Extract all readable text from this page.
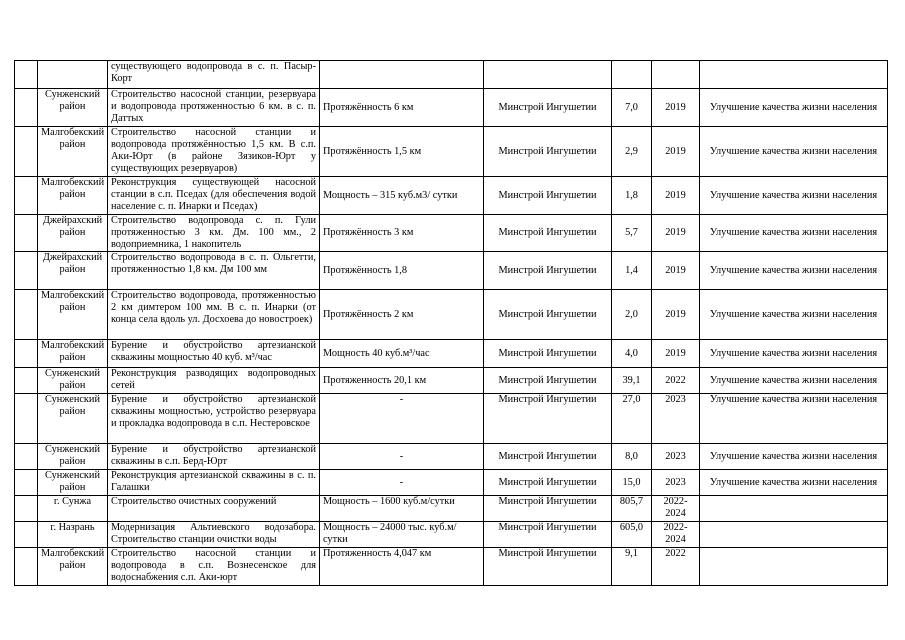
		существующего водопровода в с. п. Пасыр-Корт					
	Сунженский район	Строительство насосной станции, резервуара и водопровода протяженностью 6 км. в с. п. Даттых	Протяжённость 6 км	Минстрой Ингушетии	7,0	2019	Улучшение качества жизни населения
	Малгобекский район	Строительство насосной станции и водопровода протяжённостью 1,5 км. В с.п. Аки-Юрт (в районе Зязиков-Юрт у существующих резервуаров)	Протяжённость 1,5 км	Минстрой Ингушетии	2,9	2019	Улучшение качества жизни населения
	Малгобекский район	Реконструкция существующей насосной станции в с.п. Пседах (для обеспечения водой население с. п. Инарки и Пседах)	Мощность – 315 куб.м3/ сутки	Минстрой Ингушетии	1,8	2019	Улучшение качества жизни населения
	Джейрахский район	Строительство водопровода с. п. Гули протяженностью 3 км. Дм. 100 мм., 2 водоприемника, 1 накопитель	Протяжённость 3 км	Минстрой Ингушетии	5,7	2019	Улучшение качества жизни населения
	Джейрахский район	Строительство водопровода в с. п. Ольгетти, протяженностью 1,8 км. Дм 100 мм	Протяжённость 1,8	Минстрой Ингушетии	1,4	2019	Улучшение качества жизни населения
	Малгобекский район	Строительство водопровода, протяженностью 2 км димтером 100 мм. В с. п. Инарки (от конца села вдоль ул. Досхоева до новостроек)	Протяжённость 2 км	Минстрой Ингушетии	2,0	2019	Улучшение качества жизни населения
	Малгобекский район	Бурение и обустройство артезианской скважины мощностью 40 куб. м³/час	Мощность 40 куб.м³/час	Минстрой Ингушетии	4,0	2019	Улучшение качества жизни населения
	Сунженский район	Реконструкция разводящих водопроводных сетей	Протяженность 20,1 км	Минстрой Ингушетии	39,1	2022	Улучшение качества жизни населения
	Сунженский район	Бурение и обустройство артезианской скважины мощностью, устройство резервуара и прокладка водопровода в с.п. Нестеровское	-	Минстрой Ингушетии	27,0	2023	Улучшение качества жизни населения
	Сунженский район	Бурение и обустройство артезианской скважины в с.п. Берд-Юрт	-	Минстрой Ингушетии	8,0	2023	Улучшение качества жизни населения
	Сунженский район	Реконструкция артезианской скважины в с. п. Галашки	-	Минстрой Ингушетии	15,0	2023	Улучшение качества жизни населения
	г. Сунжа	Строительство очистных сооружений	Мощность – 1600 куб.м/сутки	Минстрой Ингушетии	805,7	2022-2024	
	г. Назрань	Модернизация Альтиевского водозабора. Строительство станции очистки воды	Мощность – 24000 тыс. куб.м/сутки	Минстрой Ингушетии	605,0	2022-2024	
	Малгобекский район	Строительство насосной станции и водопровода в с.п. Вознесенское для водоснабжения с.п. Аки-юрт	Протяженность 4,047 км	Минстрой Ингушетии	9,1	2022	
